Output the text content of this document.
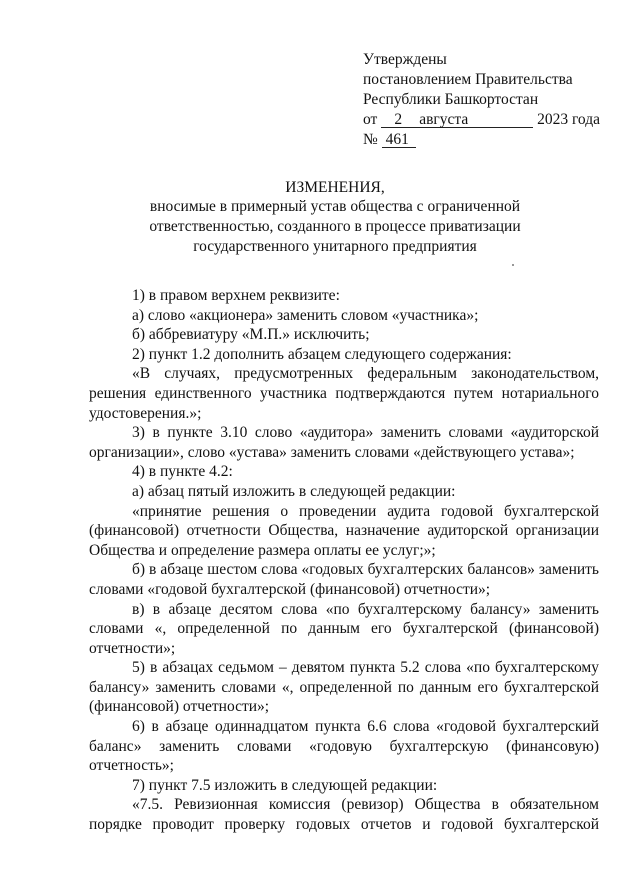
Утверждены
постановлением Правительства
Республики Башкортостан
от 2 августа	2023 года
№ 461
ИЗМЕНЕНИЯ,
вносимые в примерный устав общества с ограниченной ответственностью, созданного в процессе приватизации государственного унитарного предприятия

1) в правом верхнем реквизите:

а) слово «акционера» заменить словом «участника»;

б) аббревиатуру «М.П.» исключить;

2) пункт 1.2 дополнить абзацем следующего содержания:

«В случаях, предусмотренных федеральным законодательством, решения единственного участника подтверждаются путем нотариального удостоверения.»;

3) в пункте 3.10 слово «аудитора» заменить словами «аудиторской организации», слово «устава» заменить словами «действующего устава»;

4) в пункте 4.2:

а) абзац пятый изложить в следующей редакции:

«принятие решения о проведении аудита годовой бухгалтерской (финансовой) отчетности Общества, назначение аудиторской организации Общества и определение размера оплаты ее услуг;»;

б) в абзаце шестом слова «годовых бухгалтерских балансов» заменить словами «годовой бухгалтерской (финансовой) отчетности»;

в) в абзаце десятом слова «по бухгалтерскому балансу» заменить словами «, определенной по данным его бухгалтерской (финансовой) отчетности»;

5) в абзацах седьмом – девятом пункта 5.2 слова «по бухгалтерскому балансу» заменить словами «, определенной по данным его бухгалтерской (финансовой) отчетности»;

6) в абзаце одиннадцатом пункта 6.6 слова «годовой бухгалтерский баланс» заменить словами «годовую бухгалтерскую (финансовую) отчетность»;

7) пункт 7.5 изложить в следующей редакции:

«7.5. Ревизионная комиссия (ревизор) Общества в обязательном порядке проводит проверку годовых отчетов и годовой бухгалтерской
